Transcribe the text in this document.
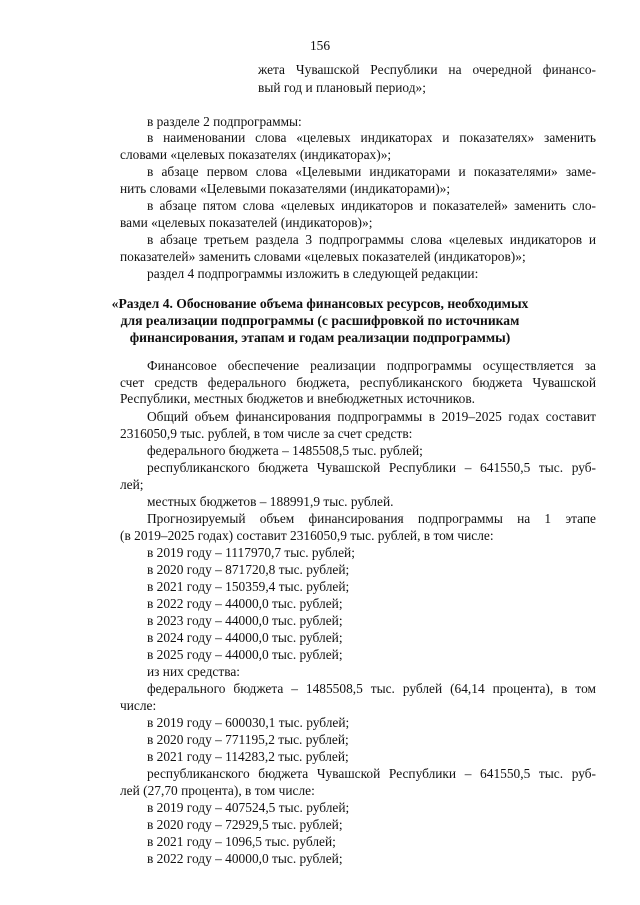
156
жета Чувашской Республики на очередной финансо-
вый год и плановый период»;
в разделе 2 подпрограммы:
в наименовании слова «целевых индикаторах и показателях» заменить
словами «целевых показателях (индикаторах)»;
в абзаце первом слова «Целевыми индикаторами и показателями» заме-
нить словами «Целевыми показателями (индикаторами)»;
в абзаце пятом слова «целевых индикаторов и показателей» заменить сло-
вами «целевых показателей (индикаторов)»;
в абзаце третьем раздела 3 подпрограммы слова «целевых индикаторов и
показателей» заменить словами «целевых показателей (индикаторов)»;
раздел 4 подпрограммы изложить в следующей редакции:
«Раздел 4. Обоснование объема финансовых ресурсов, необходимых
для реализации подпрограммы (с расшифровкой по источникам
финансирования, этапам и годам реализации подпрограммы)
Финансовое обеспечение реализации подпрограммы осуществляется за
счет средств федерального бюджета, республиканского бюджета Чувашской
Республики, местных бюджетов и внебюджетных источников.
Общий объем финансирования подпрограммы в 2019–2025 годах составит
2316050,9 тыс. рублей, в том числе за счет средств:
федерального бюджета – 1485508,5 тыс. рублей;
республиканского бюджета Чувашской Республики – 641550,5 тыс. руб-
лей;
местных бюджетов – 188991,9 тыс. рублей.
Прогнозируемый объем финансирования подпрограммы на 1 этапе
(в 2019–2025 годах) составит 2316050,9 тыс. рублей, в том числе:
в 2019 году – 1117970,7 тыс. рублей;
в 2020 году – 871720,8 тыс. рублей;
в 2021 году – 150359,4 тыс. рублей;
в 2022 году – 44000,0 тыс. рублей;
в 2023 году – 44000,0 тыс. рублей;
в 2024 году – 44000,0 тыс. рублей;
в 2025 году – 44000,0 тыс. рублей;
из них средства:
федерального бюджета – 1485508,5 тыс. рублей (64,14 процента), в том
числе:
в 2019 году – 600030,1 тыс. рублей;
в 2020 году – 771195,2 тыс. рублей;
в 2021 году – 114283,2 тыс. рублей;
республиканского бюджета Чувашской Республики – 641550,5 тыс. руб-
лей (27,70 процента), в том числе:
в 2019 году – 407524,5 тыс. рублей;
в 2020 году – 72929,5 тыс. рублей;
в 2021 году – 1096,5 тыс. рублей;
в 2022 году – 40000,0 тыс. рублей;
